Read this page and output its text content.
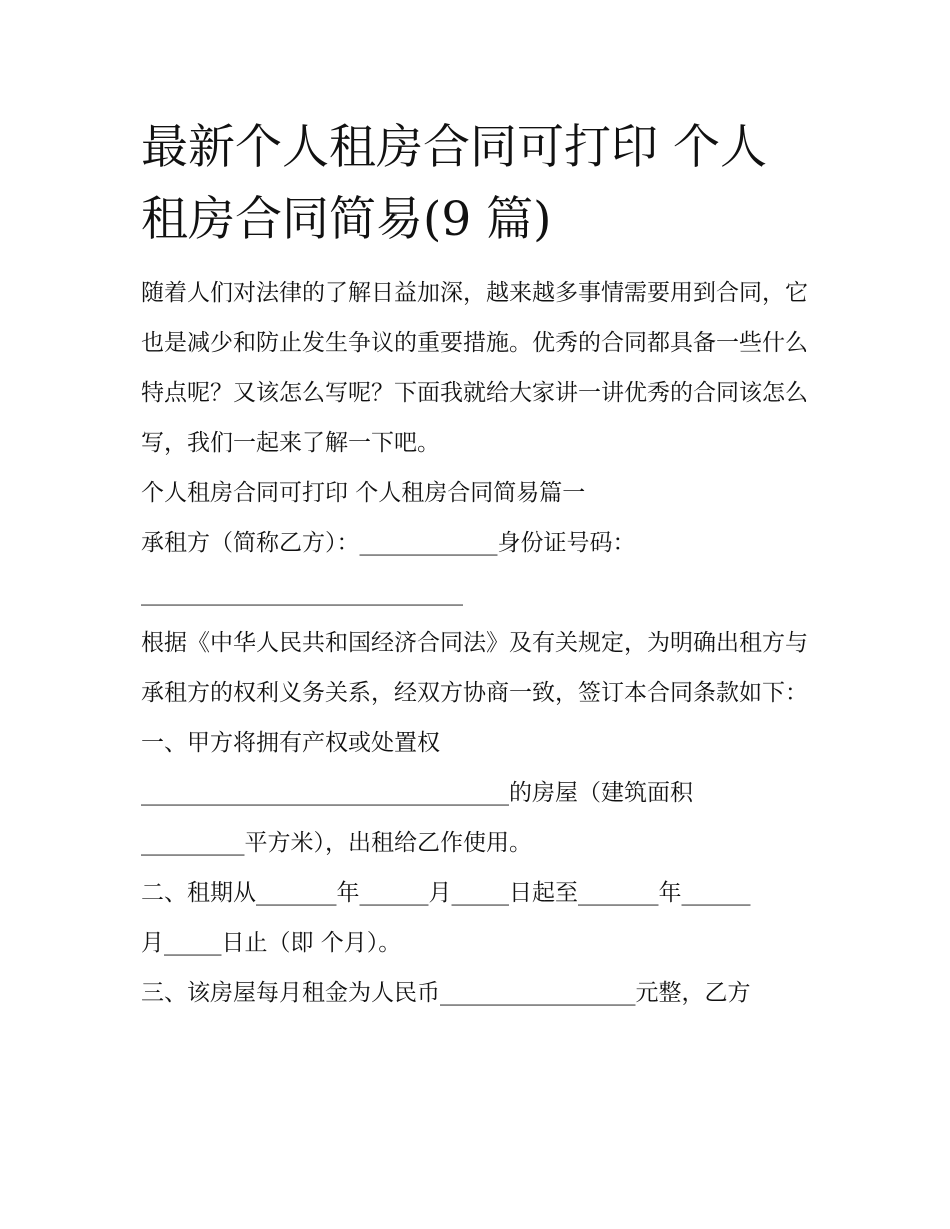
最新个人租房合同可打印 个人租房合同简易(9 篇)

随着人们对法律的了解日益加深，越来越多事情需要用到合同，它也是减少和防止发生争议的重要措施。优秀的合同都具备一些什么特点呢？又该怎么写呢？下面我就给大家讲一讲优秀的合同该怎么写，我们一起来了解一下吧。

个人租房合同可打印 个人租房合同简易篇一

承租方（简称乙方）：____________身份证号码：

____________________________

根据《中华人民共和国经济合同法》及有关规定，为明确出租方与承租方的权利义务关系，经双方协商一致，签订本合同条款如下：

一、甲方将拥有产权或处置权

________________________________的房屋（建筑面积

_________平方米），出租给乙作使用。

二、租期从_______年______月_____日起至_______年______

月_____日止（即 个月）。

三、该房屋每月租金为人民币_________________元整，乙方
